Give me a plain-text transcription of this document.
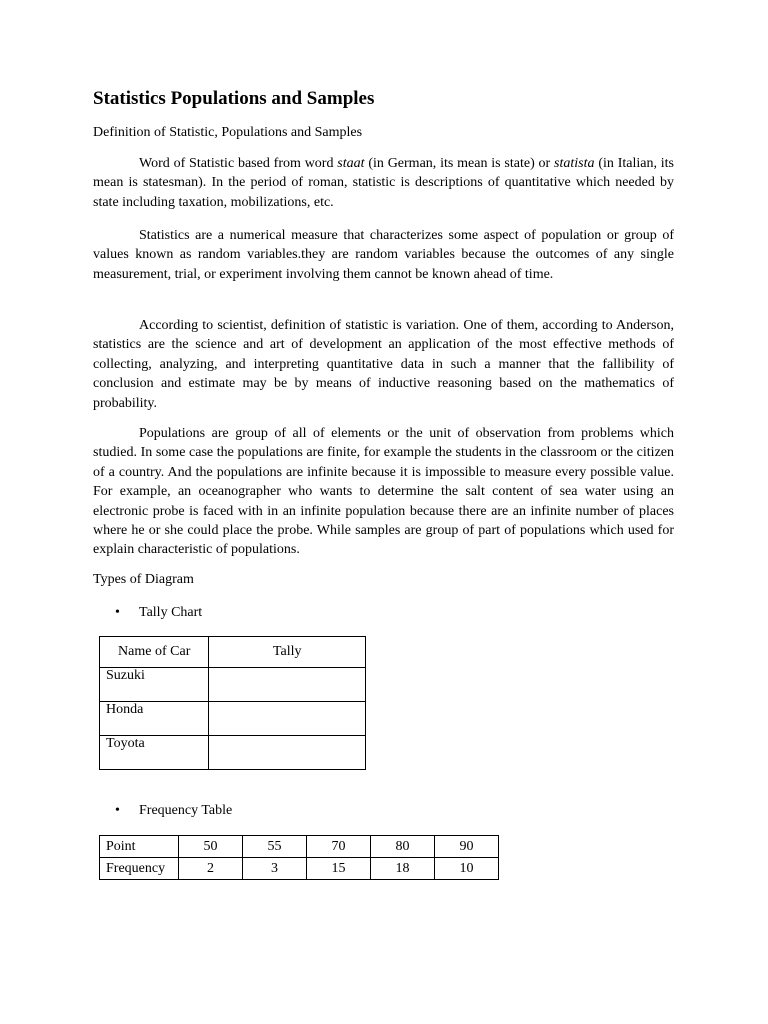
Statistics Populations and Samples

Definition of Statistic, Populations and Samples

Word of Statistic based from word staat (in German, its mean is state) or statista (in Italian, its mean is statesman). In the period of roman, statistic is descriptions of quantitative which needed by state including taxation, mobilizations, etc.

Statistics are a numerical measure that characterizes some aspect of population or group of values known as random variables.they are random variables because the outcomes of any single measurement, trial, or experiment involving them cannot be known ahead of time.

According to scientist, definition of statistic is variation. One of them, according to Anderson, statistics are the science and art of development an application of the most effective methods of collecting, analyzing, and interpreting quantitative data in such a manner that the fallibility of conclusion and estimate may be by means of inductive reasoning based on the mathematics of probability.

Populations are group of all of elements or the unit of observation from problems which studied. In some case the populations are finite, for example the students in the classroom or the citizen of a country. And the populations are infinite because it is impossible to measure every possible value. For example, an oceanographer who wants to determine the salt content of sea water using an electronic probe is faced with in an infinite population because there are an infinite number of places where he or she could place the probe. While samples are group of part of populations which used for explain characteristic of populations.

Types of Diagram

• Tally Chart
Name of Car	Tally
Suzuki	
Honda	
Toyota	
• Frequency Table
Point	50	55	70	80	90
Frequency	2	3	15	18	10
